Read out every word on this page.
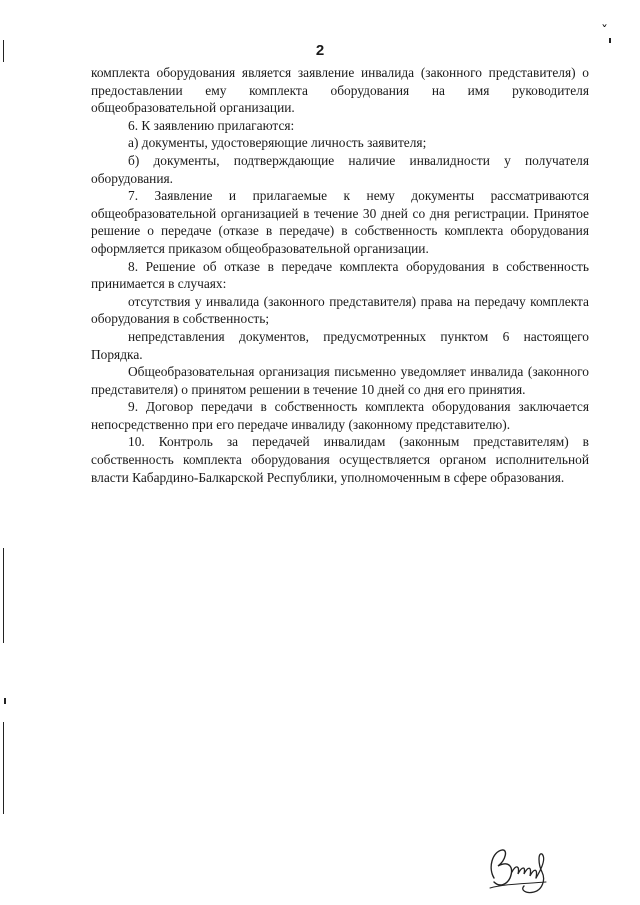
2
ˇ

комплекта оборудования является заявление инвалида (законного представителя) о предоставлении ему комплекта оборудования на имя руководителя общеобразовательной организации.

6. К заявлению прилагаются:

а) документы, удостоверяющие личность заявителя;

б) документы, подтверждающие наличие инвалидности у получателя оборудования.

7. Заявление и прилагаемые к нему документы рассматриваются общеобразовательной организацией в течение 30 дней со дня регистрации. Принятое решение о передаче (отказе в передаче) в собственность комплекта оборудования оформляется приказом общеобразовательной организации.

8. Решение об отказе в передаче комплекта оборудования в собственность принимается в случаях:

отсутствия у инвалида (законного представителя) права на передачу комплекта оборудования в собственность;

непредставления документов, предусмотренных пунктом 6 настоящего Порядка.

Общеобразовательная организация письменно уведомляет инвалида (законного представителя) о принятом решении в течение 10 дней со дня его принятия.

9. Договор передачи в собственность комплекта оборудования заключается непосредственно при его передаче инвалиду (законному представителю).

10. Контроль за передачей инвалидам (законным представителям) в собственность комплекта оборудования осуществляется органом исполнительной власти Кабардино-Балкарской Республики, уполномоченным в сфере образования.
